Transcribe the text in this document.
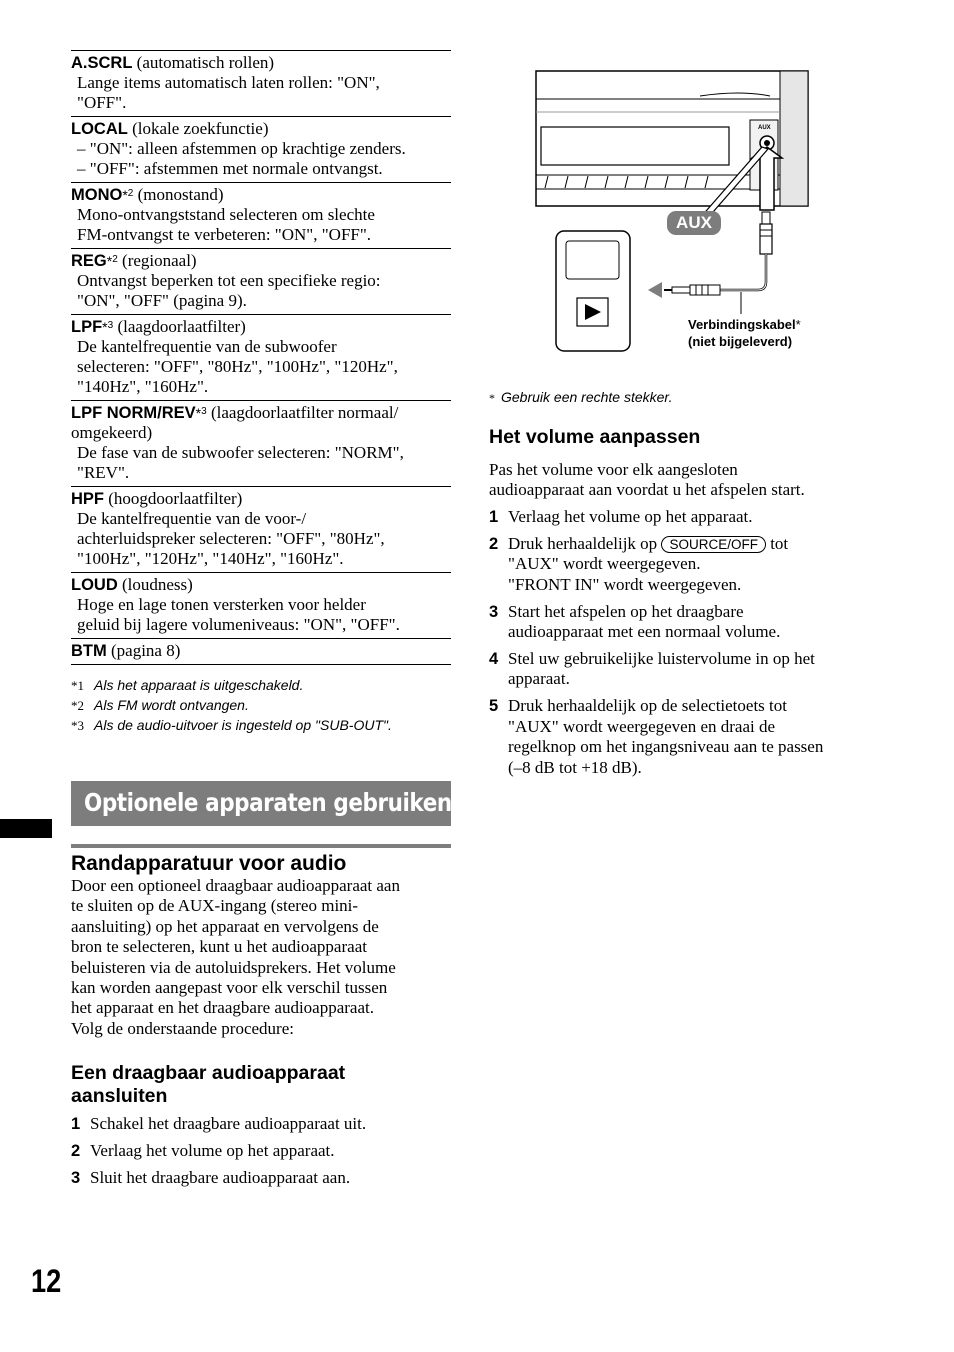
A.SCRL (automatisch rollen)
Lange items automatisch laten rollen: "ON",
"OFF".
LOCAL (lokale zoekfunctie)
– "ON": alleen afstemmen op krachtige zenders.
– "OFF": afstemmen met normale ontvangst.
MONO*$^2$ (monostand)
Mono-ontvangststand selecteren om slechte
FM-ontvangst te verbeteren: "ON", "OFF".
REG*$^2$ (regionaal)
Ontvangst beperken tot een specifieke regio:
"ON", "OFF" (pagina 9).
LPF*$^3$ (laagdoorlaatfilter)
De kantelfrequentie van de subwoofer
selecteren: "OFF", "80Hz", "100Hz", "120Hz",
"140Hz", "160Hz".
LPF NORM/REV*$^3$ (laagdoorlaatfilter normaal/
omgekeerd)
De fase van de subwoofer selecteren: "NORM",
"REV".
HPF (hoogdoorlaatfilter)
De kantelfrequentie van de voor-/
achterluidspreker selecteren: "OFF", "80Hz",
"100Hz", "120Hz", "140Hz", "160Hz".
LOUD (loudness)
Hoge en lage tonen versterken voor helder
geluid bij lagere volumeniveaus: "ON", "OFF".
BTM (pagina 8)
*1 Als het apparaat is uitgeschakeld.
*2 Als FM wordt ontvangen.
*3 Als de audio-uitvoer is ingesteld op "SUB-OUT".
Optionele apparaten gebruiken
Randapparatuur voor audio
Door een optioneel draagbaar audioapparaat aan
te sluiten op de AUX-ingang (stereo mini-
aansluiting) op het apparaat en vervolgens de
bron te selecteren, kunt u het audioapparaat
beluisteren via de autoluidsprekers. Het volume
kan worden aangepast voor elk verschil tussen
het apparaat en het draagbare audioapparaat.
Volg de onderstaande procedure:
Een draagbaar audioapparaat
aansluiten
1 Schakel het draagbare audioapparaat uit.
2 Verlaag het volume op het apparaat.
3 Sluit het draagbare audioapparaat aan.
12
AUX
AUX
Verbindingskabel*
(niet bijgeleverd)
* Gebruik een rechte stekker.
Het volume aanpassen
Pas het volume voor elk aangesloten
audioapparaat aan voordat u het afspelen start.
1 Verlaag het volume op het apparaat.
2 Druk herhaaldelijk op SOURCE/OFF tot
"AUX" wordt weergegeven.
"FRONT IN" wordt weergegeven.
3 Start het afspelen op het draagbare
audioapparaat met een normaal volume.
4 Stel uw gebruikelijke luistervolume in op het
apparaat.
5 Druk herhaaldelijk op de selectietoets tot
"AUX" wordt weergegeven en draai de
regelknop om het ingangsniveau aan te passen
(–8 dB tot +18 dB).
